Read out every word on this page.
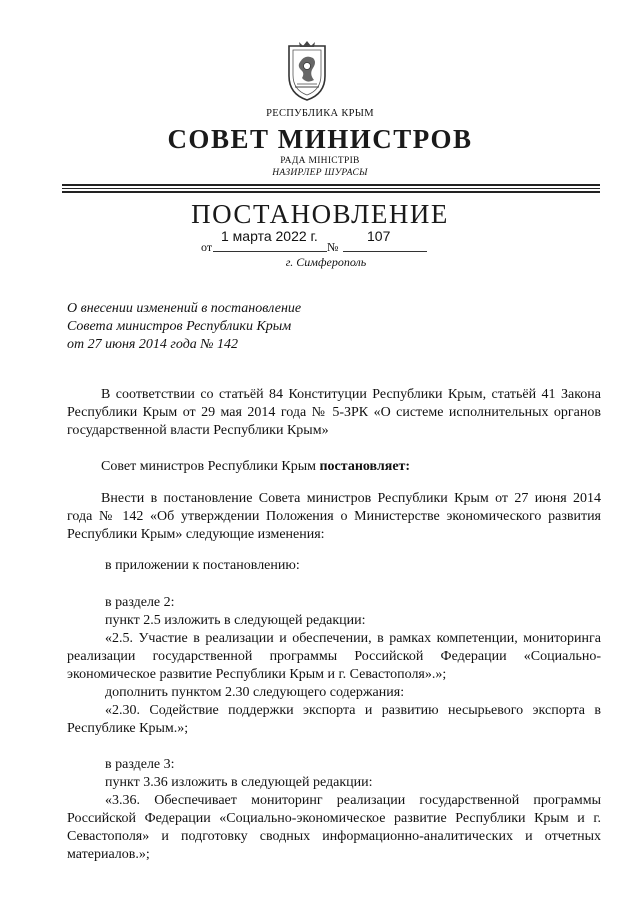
РЕСПУБЛИКА КРЫМ
СОВЕТ МИНИСТРОВ
РАДА МІНІСТРІВ
НАЗИРЛЕР ШУРАСЫ
ПОСТАНОВЛЕНИЕ
от
1 марта 2022 г.
№
107
г. Симферополь
О внесении изменений в постановление
Совета министров Республики Крым
от 27 июня 2014 года № 142
В соответствии со статьёй 84 Конституции Республики Крым, статьёй 41 Закона Республики Крым от 29 мая 2014 года № 5-ЗРК «О системе исполнительных органов государственной власти Республики Крым»
Совет министров Республики Крым постановляет:
Внести в постановление Совета министров Республики Крым от 27 июня 2014 года № 142 «Об утверждении Положения о Министерстве экономического развития Республики Крым» следующие изменения:
в приложении к постановлению:
в разделе 2:
пункт 2.5 изложить в следующей редакции:
«2.5. Участие в реализации и обеспечении, в рамках компетенции, мониторинга реализации государственной программы Российской Федерации «Социально-экономическое развитие Республики Крым и г. Севастополя».»;
дополнить пунктом 2.30 следующего содержания:
«2.30. Содействие поддержки экспорта и развитию несырьевого экспорта в Республике Крым.»;
в разделе 3:
пункт 3.36 изложить в следующей редакции:
«3.36. Обеспечивает мониторинг реализации государственной программы Российской Федерации «Социально-экономическое развитие Республики Крым и г. Севастополя» и подготовку сводных информационно-аналитических и отчетных материалов.»;
